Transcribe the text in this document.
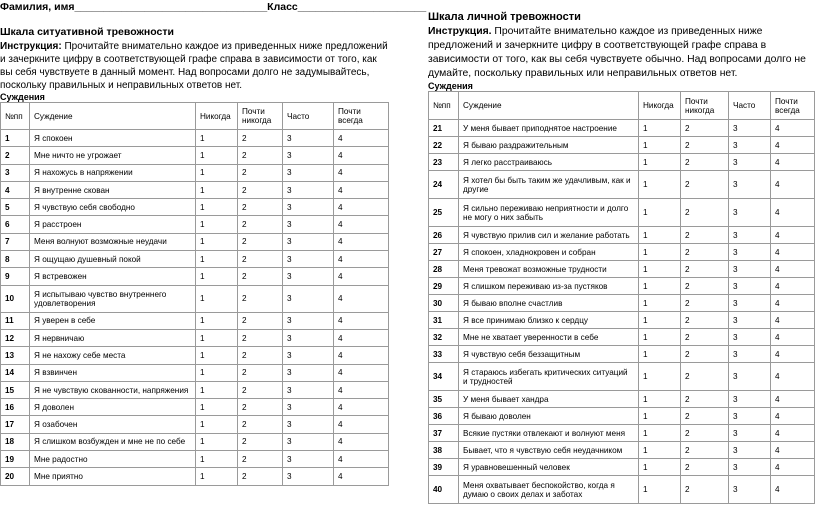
Фамилия, имя_________________________________Класс______________________

Шкала ситуативной тревожности

Инструкция: Прочитайте внимательно каждое из приведенных ниже предложений и зачеркните цифру в соответствующей графе справа в зависимости от того, как вы себя чувствуете в данный момент. Над вопросами долго не задумывайтесь, поскольку правильных и неправильных ответов нет.

Суждения

№пп	Суждение	Никогда	Почти никогда	Часто	Почти всегда
1	Я спокоен	1	2	3	4
2	Мне ничто не угрожает	1	2	3	4
3	Я нахожусь в напряжении	1	2	3	4
4	Я внутренне скован	1	2	3	4
5	Я чувствую себя свободно	1	2	3	4
6	Я расстроен	1	2	3	4
7	Меня волнуют возможные неудачи	1	2	3	4
8	Я ощущаю душевный покой	1	2	3	4
9	Я встревожен	1	2	3	4
10	Я испытываю чувство внутреннего удовлетворения	1	2	3	4
11	Я уверен в себе	1	2	3	4
12	Я нервничаю	1	2	3	4
13	Я не нахожу себе места	1	2	3	4
14	Я взвинчен	1	2	3	4
15	Я не чувствую скованности, напряжения	1	2	3	4
16	Я доволен	1	2	3	4
17	Я озабочен	1	2	3	4
18	Я слишком возбужден и мне не по себе	1	2	3	4
19	Мне радостно	1	2	3	4
20	Мне приятно	1	2	3	4

Шкала личной тревожности

Инструкция. Прочитайте внимательно каждое из приведенных ниже предложений и зачеркните цифру в соответствующей графе справа в зависимости от того, как вы себя чувствуете обычно. Над вопросами долго не думайте, поскольку правильных или неправильных ответов нет.

Суждения

№пп	Суждение	Никогда	Почти никогда	Часто	Почти всегда
21	У меня бывает приподнятое настроение	1	2	3	4
22	Я бываю раздражительным	1	2	3	4
23	Я легко расстраиваюсь	1	2	3	4
24	Я хотел бы быть таким же удачливым, как и другие	1	2	3	4
25	Я сильно переживаю неприятности и долго не могу о них забыть	1	2	3	4
26	Я чувствую прилив сил и желание работать	1	2	3	4
27	Я спокоен, хладнокровен и собран	1	2	3	4
28	Меня тревожат возможные трудности	1	2	3	4
29	Я слишком переживаю из-за пустяков	1	2	3	4
30	Я бываю вполне счастлив	1	2	3	4
31	Я все принимаю близко к сердцу	1	2	3	4
32	Мне не хватает уверенности в себе	1	2	3	4
33	Я чувствую себя беззащитным	1	2	3	4
34	Я стараюсь избегать критических ситуаций и трудностей	1	2	3	4
35	У меня бывает хандра	1	2	3	4
36	Я бываю доволен	1	2	3	4
37	Всякие пустяки отвлекают и волнуют меня	1	2	3	4
38	Бывает, что я чувствую себя неудачником	1	2	3	4
39	Я уравновешенный человек	1	2	3	4
40	Меня охватывает беспокойство, когда я думаю о своих делах и заботах	1	2	3	4
